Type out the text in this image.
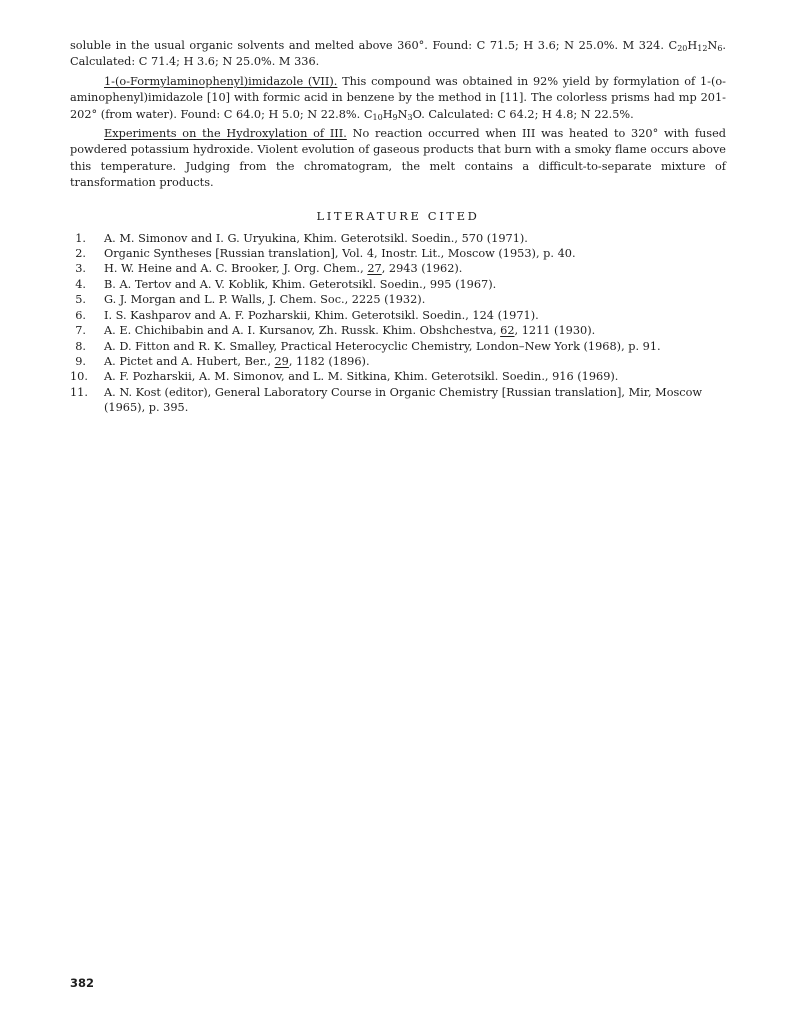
soluble in the usual organic solvents and melted above 360°. Found: C 71.5; H 3.6; N 25.0%. M 324. $C_{20}H_{12}N_6$. Calculated: C 71.4; H 3.6; N 25.0%. M 336.

1-(o-Formylaminophenyl)imidazole (VII). This compound was obtained in 92% yield by formylation of 1-(o-aminophenyl)imidazole [10] with formic acid in benzene by the method in [11]. The colorless prisms had mp 201-202° (from water). Found: C 64.0; H 5.0; N 22.8%. $C_{10}H_9N_3O$. Calculated: C 64.2; H 4.8; N 22.5%.

Experiments on the Hydroxylation of III. No reaction occurred when III was heated to 320° with fused powdered potassium hydroxide. Violent evolution of gaseous products that burn with a smoky flame occurs above this temperature. Judging from the chromatogram, the melt contains a difficult-to-separate mixture of transformation products.

LITERATURE CITED
1. A. M. Simonov and I. G. Uryukina, Khim. Geterotsikl. Soedin., 570 (1971).
2. Organic Syntheses [Russian translation], Vol. 4, Inostr. Lit., Moscow (1953), p. 40.
3. H. W. Heine and A. C. Brooker, J. Org. Chem., 27, 2943 (1962).
4. B. A. Tertov and A. V. Koblik, Khim. Geterotsikl. Soedin., 995 (1967).
5. G. J. Morgan and L. P. Walls, J. Chem. Soc., 2225 (1932).
6. I. S. Kashparov and A. F. Pozharskii, Khim. Geterotsikl. Soedin., 124 (1971).
7. A. E. Chichibabin and A. I. Kursanov, Zh. Russk. Khim. Obshchestva, 62, 1211 (1930).
8. A. D. Fitton and R. K. Smalley, Practical Heterocyclic Chemistry, London–New York (1968), p. 91.
9. A. Pictet and A. Hubert, Ber., 29, 1182 (1896).
10. A. F. Pozharskii, A. M. Simonov, and L. M. Sitkina, Khim. Geterotsikl. Soedin., 916 (1969).
11. A. N. Kost (editor), General Laboratory Course in Organic Chemistry [Russian translation], Mir, Moscow (1965), p. 395.
382
